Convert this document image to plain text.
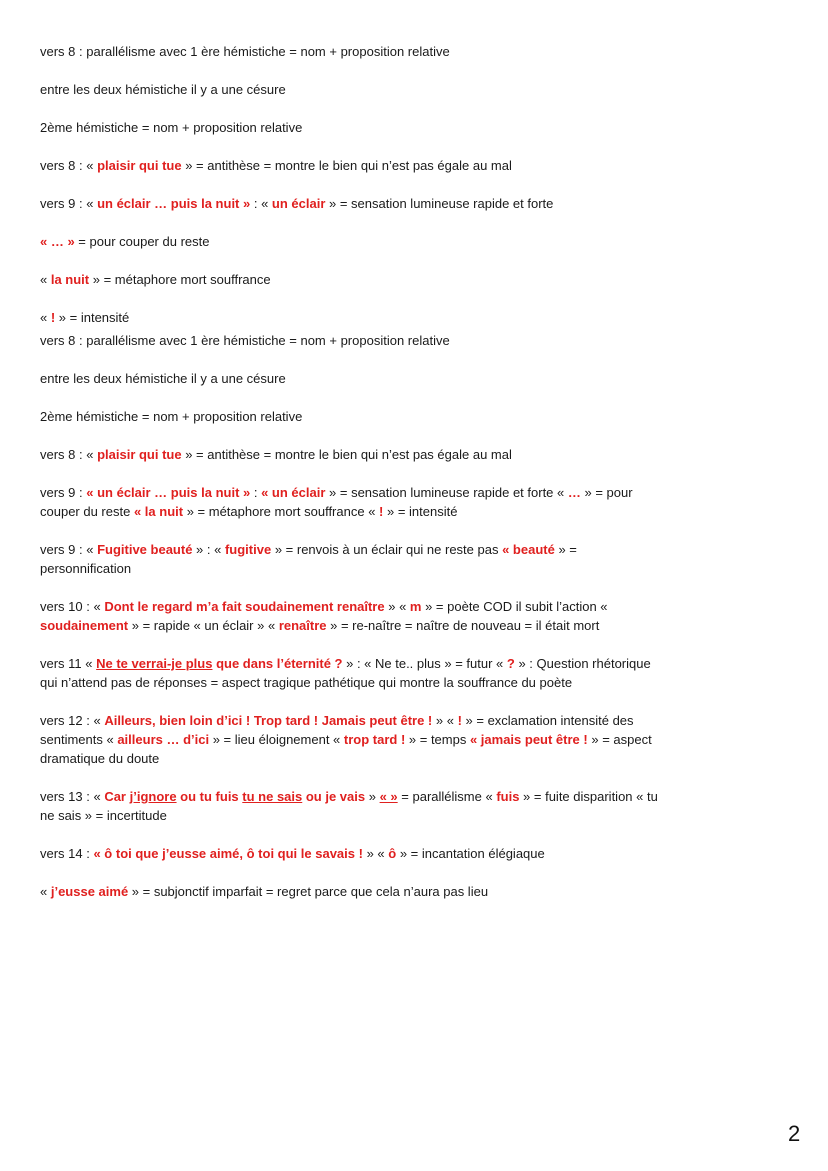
vers 8 : parallélisme avec 1 ère hémistiche = nom + proposition relative

entre les deux hémistiche il y a une césure

2ème hémistiche = nom + proposition relative

vers 8 : « plaisir qui tue » = antithèse = montre le bien qui n’est pas égale au mal

vers 9 : « un éclair … puis la nuit » : « un éclair » = sensation lumineuse rapide et forte

« … » = pour couper du reste

« la nuit » = métaphore mort souffrance

« ! » = intensité

vers 8 : parallélisme avec 1 ère hémistiche = nom + proposition relative

entre les deux hémistiche il y a une césure

2ème hémistiche = nom + proposition relative

vers 8 : « plaisir qui tue » = antithèse = montre le bien qui n’est pas égale au mal

vers 9 : « un éclair … puis la nuit » : « un éclair » = sensation lumineuse rapide et forte « … » = pour couper du reste « la nuit » = métaphore mort souffrance « ! » = intensité

vers 9 : « Fugitive beauté » : « fugitive » = renvois à un éclair qui ne reste pas « beauté » = personnification

vers 10 : « Dont le regard m’a fait soudainement renaître » « m » = poète COD il subit l’action « soudainement » = rapide « un éclair » « renaître » = re-naître = naître de nouveau = il était mort

vers 11 « Ne te verrai-je plus que dans l’éternité ? » : « Ne te.. plus » = futur « ? » : Question rhétorique qui n’attend pas de réponses = aspect tragique pathétique qui montre la souffrance du poète

vers 12 : « Ailleurs, bien loin d’ici ! Trop tard ! Jamais peut être ! » « ! » = exclamation intensité des sentiments « ailleurs … d’ici » = lieu éloignement « trop tard ! » = temps « jamais peut être ! » = aspect dramatique du doute

vers 13 : « Car j’ignore ou tu fuis tu ne sais ou je vais » « » = parallélisme « fuis » = fuite disparition « tu ne sais » = incertitude

vers 14 : « ô toi que j’eusse aimé, ô toi qui le savais ! » « ô » = incantation élégiaque

« j’eusse aimé » = subjonctif imparfait = regret parce que cela n’aura pas lieu

2
